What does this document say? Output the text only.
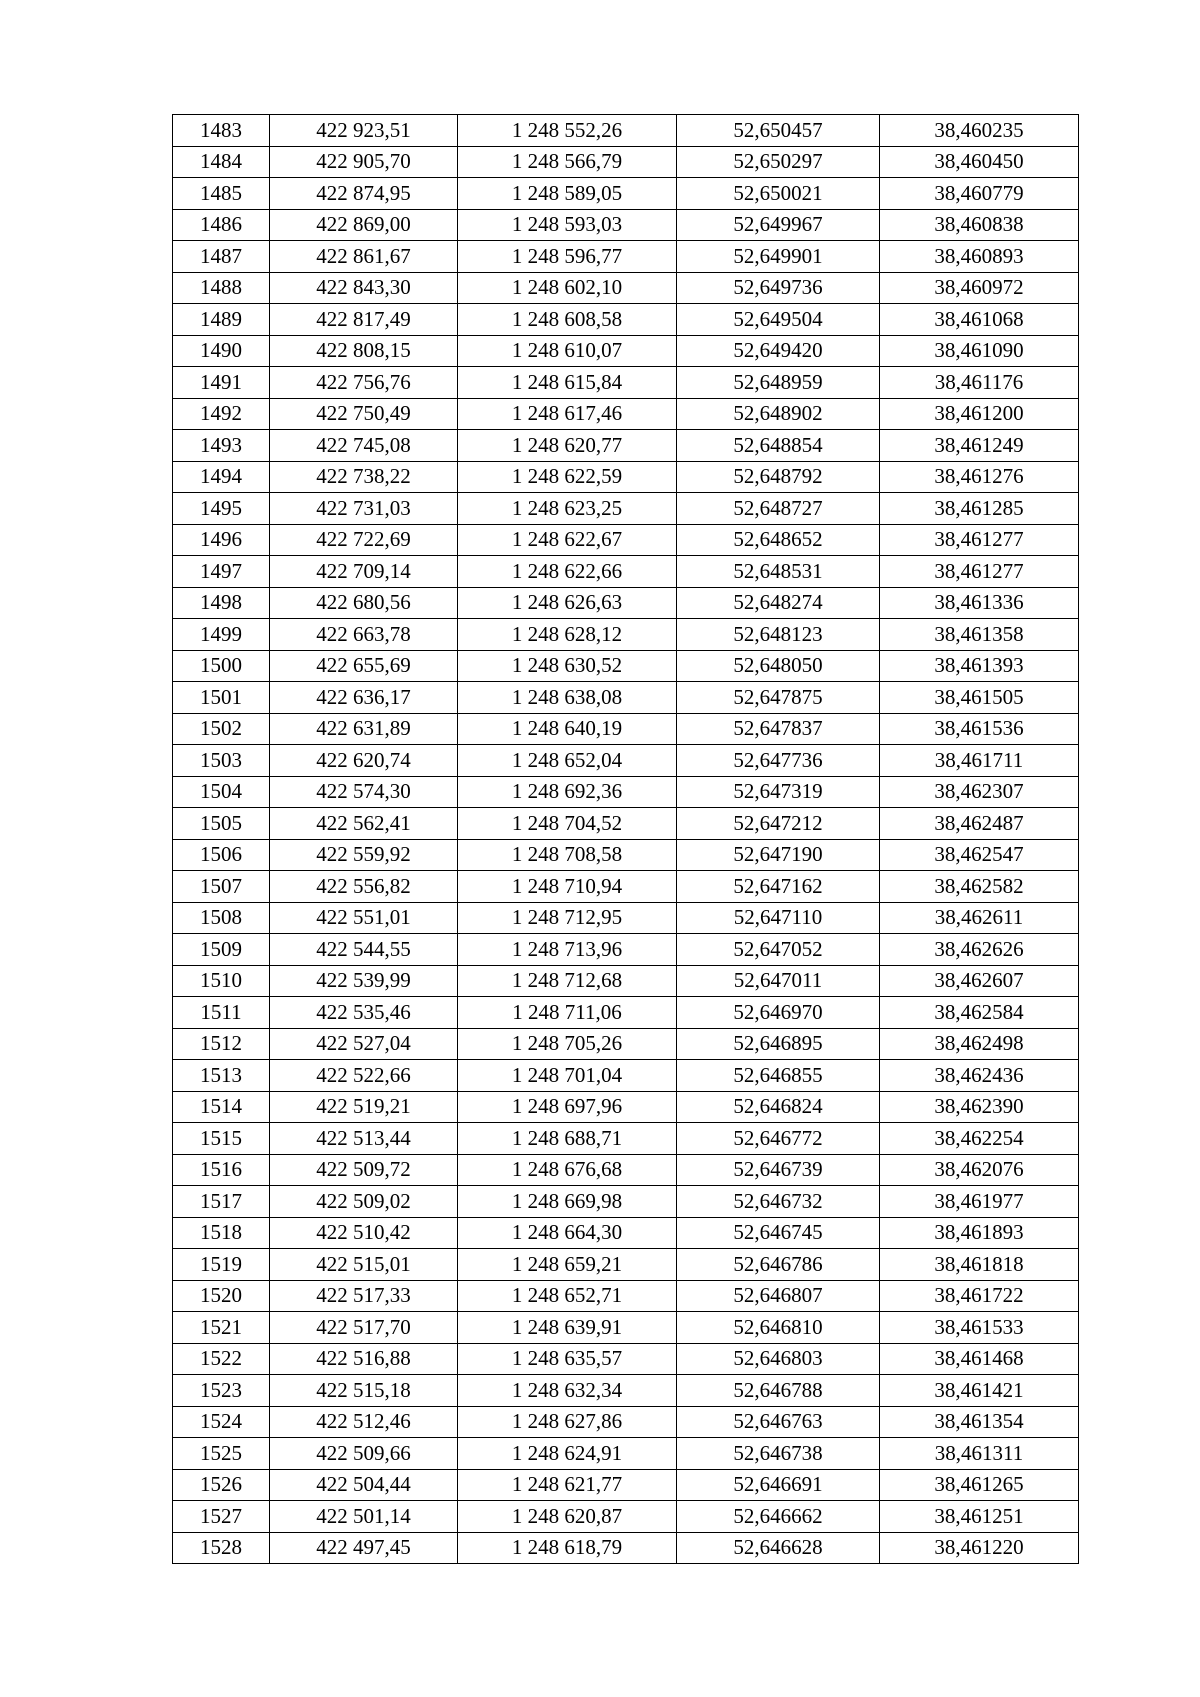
1483	422 923,51	1 248 552,26	52,650457	38,460235
1484	422 905,70	1 248 566,79	52,650297	38,460450
1485	422 874,95	1 248 589,05	52,650021	38,460779
1486	422 869,00	1 248 593,03	52,649967	38,460838
1487	422 861,67	1 248 596,77	52,649901	38,460893
1488	422 843,30	1 248 602,10	52,649736	38,460972
1489	422 817,49	1 248 608,58	52,649504	38,461068
1490	422 808,15	1 248 610,07	52,649420	38,461090
1491	422 756,76	1 248 615,84	52,648959	38,461176
1492	422 750,49	1 248 617,46	52,648902	38,461200
1493	422 745,08	1 248 620,77	52,648854	38,461249
1494	422 738,22	1 248 622,59	52,648792	38,461276
1495	422 731,03	1 248 623,25	52,648727	38,461285
1496	422 722,69	1 248 622,67	52,648652	38,461277
1497	422 709,14	1 248 622,66	52,648531	38,461277
1498	422 680,56	1 248 626,63	52,648274	38,461336
1499	422 663,78	1 248 628,12	52,648123	38,461358
1500	422 655,69	1 248 630,52	52,648050	38,461393
1501	422 636,17	1 248 638,08	52,647875	38,461505
1502	422 631,89	1 248 640,19	52,647837	38,461536
1503	422 620,74	1 248 652,04	52,647736	38,461711
1504	422 574,30	1 248 692,36	52,647319	38,462307
1505	422 562,41	1 248 704,52	52,647212	38,462487
1506	422 559,92	1 248 708,58	52,647190	38,462547
1507	422 556,82	1 248 710,94	52,647162	38,462582
1508	422 551,01	1 248 712,95	52,647110	38,462611
1509	422 544,55	1 248 713,96	52,647052	38,462626
1510	422 539,99	1 248 712,68	52,647011	38,462607
1511	422 535,46	1 248 711,06	52,646970	38,462584
1512	422 527,04	1 248 705,26	52,646895	38,462498
1513	422 522,66	1 248 701,04	52,646855	38,462436
1514	422 519,21	1 248 697,96	52,646824	38,462390
1515	422 513,44	1 248 688,71	52,646772	38,462254
1516	422 509,72	1 248 676,68	52,646739	38,462076
1517	422 509,02	1 248 669,98	52,646732	38,461977
1518	422 510,42	1 248 664,30	52,646745	38,461893
1519	422 515,01	1 248 659,21	52,646786	38,461818
1520	422 517,33	1 248 652,71	52,646807	38,461722
1521	422 517,70	1 248 639,91	52,646810	38,461533
1522	422 516,88	1 248 635,57	52,646803	38,461468
1523	422 515,18	1 248 632,34	52,646788	38,461421
1524	422 512,46	1 248 627,86	52,646763	38,461354
1525	422 509,66	1 248 624,91	52,646738	38,461311
1526	422 504,44	1 248 621,77	52,646691	38,461265
1527	422 501,14	1 248 620,87	52,646662	38,461251
1528	422 497,45	1 248 618,79	52,646628	38,461220
